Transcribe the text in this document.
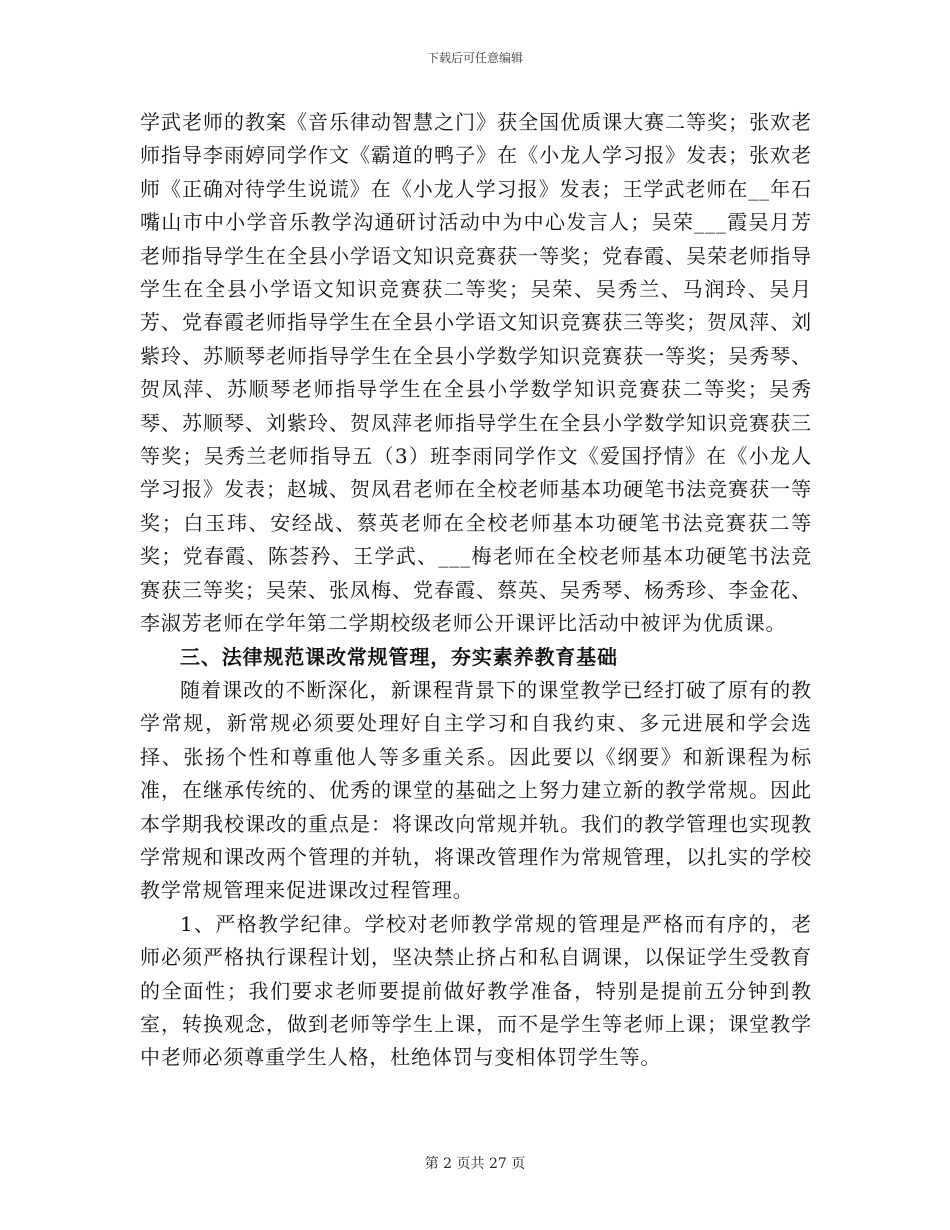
下载后可任意编辑

学武老师的教案《音乐律动智慧之门》获全国优质课大赛二等奖；张欢老师指导李雨婷同学作文《霸道的鸭子》在《小龙人学习报》发表；张欢老师《正确对待学生说谎》在《小龙人学习报》发表；王学武老师在__年石嘴山市中小学音乐教学沟通研讨活动中为中心发言人；吴荣___霞吴月芳老师指导学生在全县小学语文知识竞赛获一等奖；党春霞、吴荣老师指导学生在全县小学语文知识竞赛获二等奖；吴荣、吴秀兰、马润玲、吴月芳、党春霞老师指导学生在全县小学语文知识竞赛获三等奖；贺凤萍、刘紫玲、苏顺琴老师指导学生在全县小学数学知识竞赛获一等奖；吴秀琴、贺凤萍、苏顺琴老师指导学生在全县小学数学知识竞赛获二等奖；吴秀琴、苏顺琴、刘紫玲、贺凤萍老师指导学生在全县小学数学知识竞赛获三等奖；吴秀兰老师指导五（3）班李雨同学作文《爱国抒情》在《小龙人学习报》发表；赵城、贺凤君老师在全校老师基本功硬笔书法竞赛获一等奖；白玉玮、安经战、蔡英老师在全校老师基本功硬笔书法竞赛获二等奖；党春霞、陈荟矜、王学武、___梅老师在全校老师基本功硬笔书法竞赛获三等奖；吴荣、张凤梅、党春霞、蔡英、吴秀琴、杨秀珍、李金花、李淑芳老师在学年第二学期校级老师公开课评比活动中被评为优质课。

三、法律规范课改常规管理，夯实素养教育基础

随着课改的不断深化，新课程背景下的课堂教学已经打破了原有的教学常规，新常规必须要处理好自主学习和自我约束、多元进展和学会选择、张扬个性和尊重他人等多重关系。因此要以《纲要》和新课程为标准，在继承传统的、优秀的课堂的基础之上努力建立新的教学常规。因此本学期我校课改的重点是：将课改向常规并轨。我们的教学管理也实现教学常规和课改两个管理的并轨，将课改管理作为常规管理，以扎实的学校教学常规管理来促进课改过程管理。

1、严格教学纪律。学校对老师教学常规的管理是严格而有序的，老师必须严格执行课程计划，坚决禁止挤占和私自调课，以保证学生受教育的全面性；我们要求老师要提前做好教学准备，特别是提前五分钟到教室，转换观念，做到老师等学生上课，而不是学生等老师上课；课堂教学中老师必须尊重学生人格，杜绝体罚与变相体罚学生等。

第 2 页共 27 页
